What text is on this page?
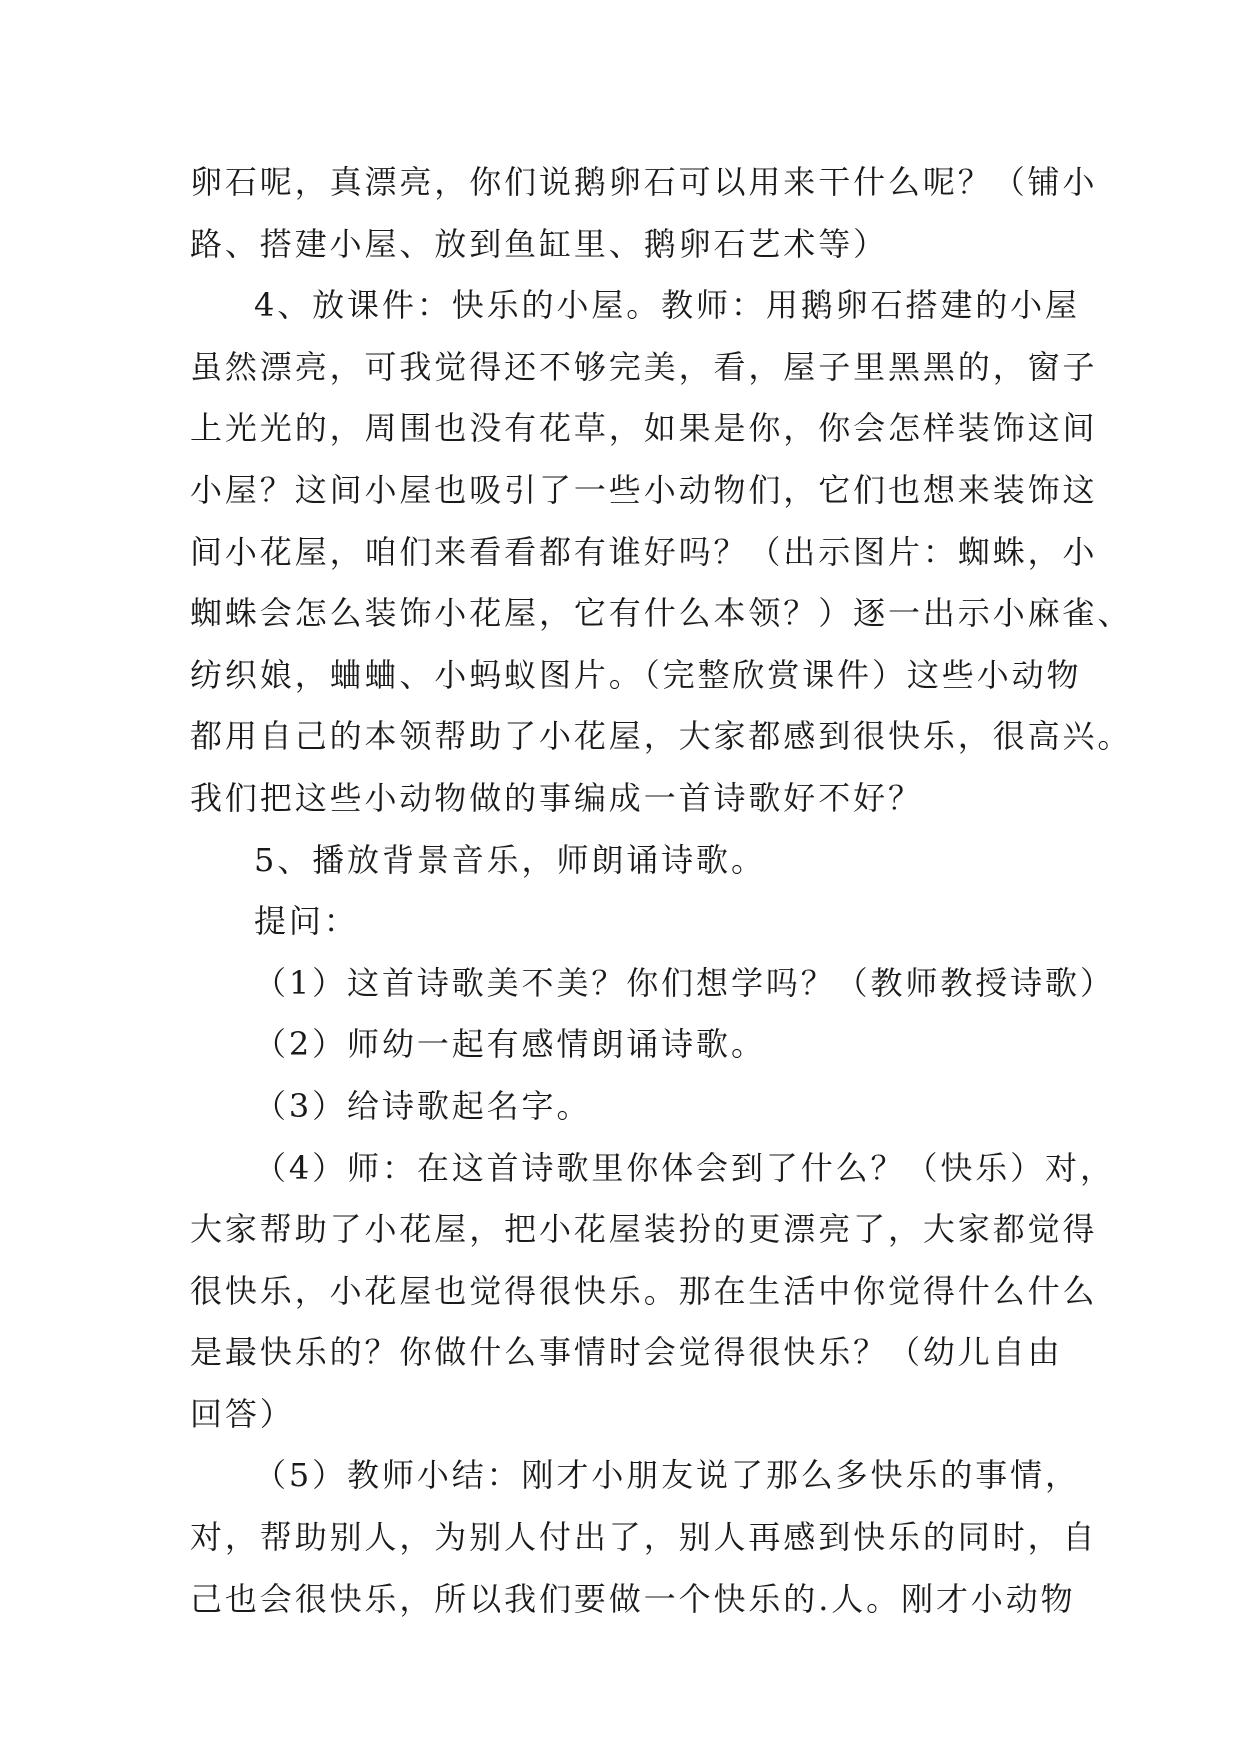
卵石呢，真漂亮，你们说鹅卵石可以用来干什么呢？（铺小
路、搭建小屋、放到鱼缸里、鹅卵石艺术等）
4、放课件：快乐的小屋。教师：用鹅卵石搭建的小屋
虽然漂亮，可我觉得还不够完美，看，屋子里黑黑的，窗子
上光光的，周围也没有花草，如果是你，你会怎样装饰这间
小屋？这间小屋也吸引了一些小动物们，它们也想来装饰这
间小花屋，咱们来看看都有谁好吗？（出示图片：蜘蛛，小
蜘蛛会怎么装饰小花屋，它有什么本领？）逐一出示小麻雀、
纺织娘，蛐蛐、小蚂蚁图片。（完整欣赏课件）这些小动物
都用自己的本领帮助了小花屋，大家都感到很快乐，很高兴。
我们把这些小动物做的事编成一首诗歌好不好？
5、播放背景音乐，师朗诵诗歌。
提问：
（1）这首诗歌美不美？你们想学吗？（教师教授诗歌）
（2）师幼一起有感情朗诵诗歌。
（3）给诗歌起名字。
（4）师：在这首诗歌里你体会到了什么？（快乐）对，
大家帮助了小花屋，把小花屋装扮的更漂亮了，大家都觉得
很快乐，小花屋也觉得很快乐。那在生活中你觉得什么什么
是最快乐的？你做什么事情时会觉得很快乐？（幼儿自由
回答）
（5）教师小结：刚才小朋友说了那么多快乐的事情，
对，帮助别人，为别人付出了，别人再感到快乐的同时，自
己也会很快乐，所以我们要做一个快乐的.人。刚才小动物
